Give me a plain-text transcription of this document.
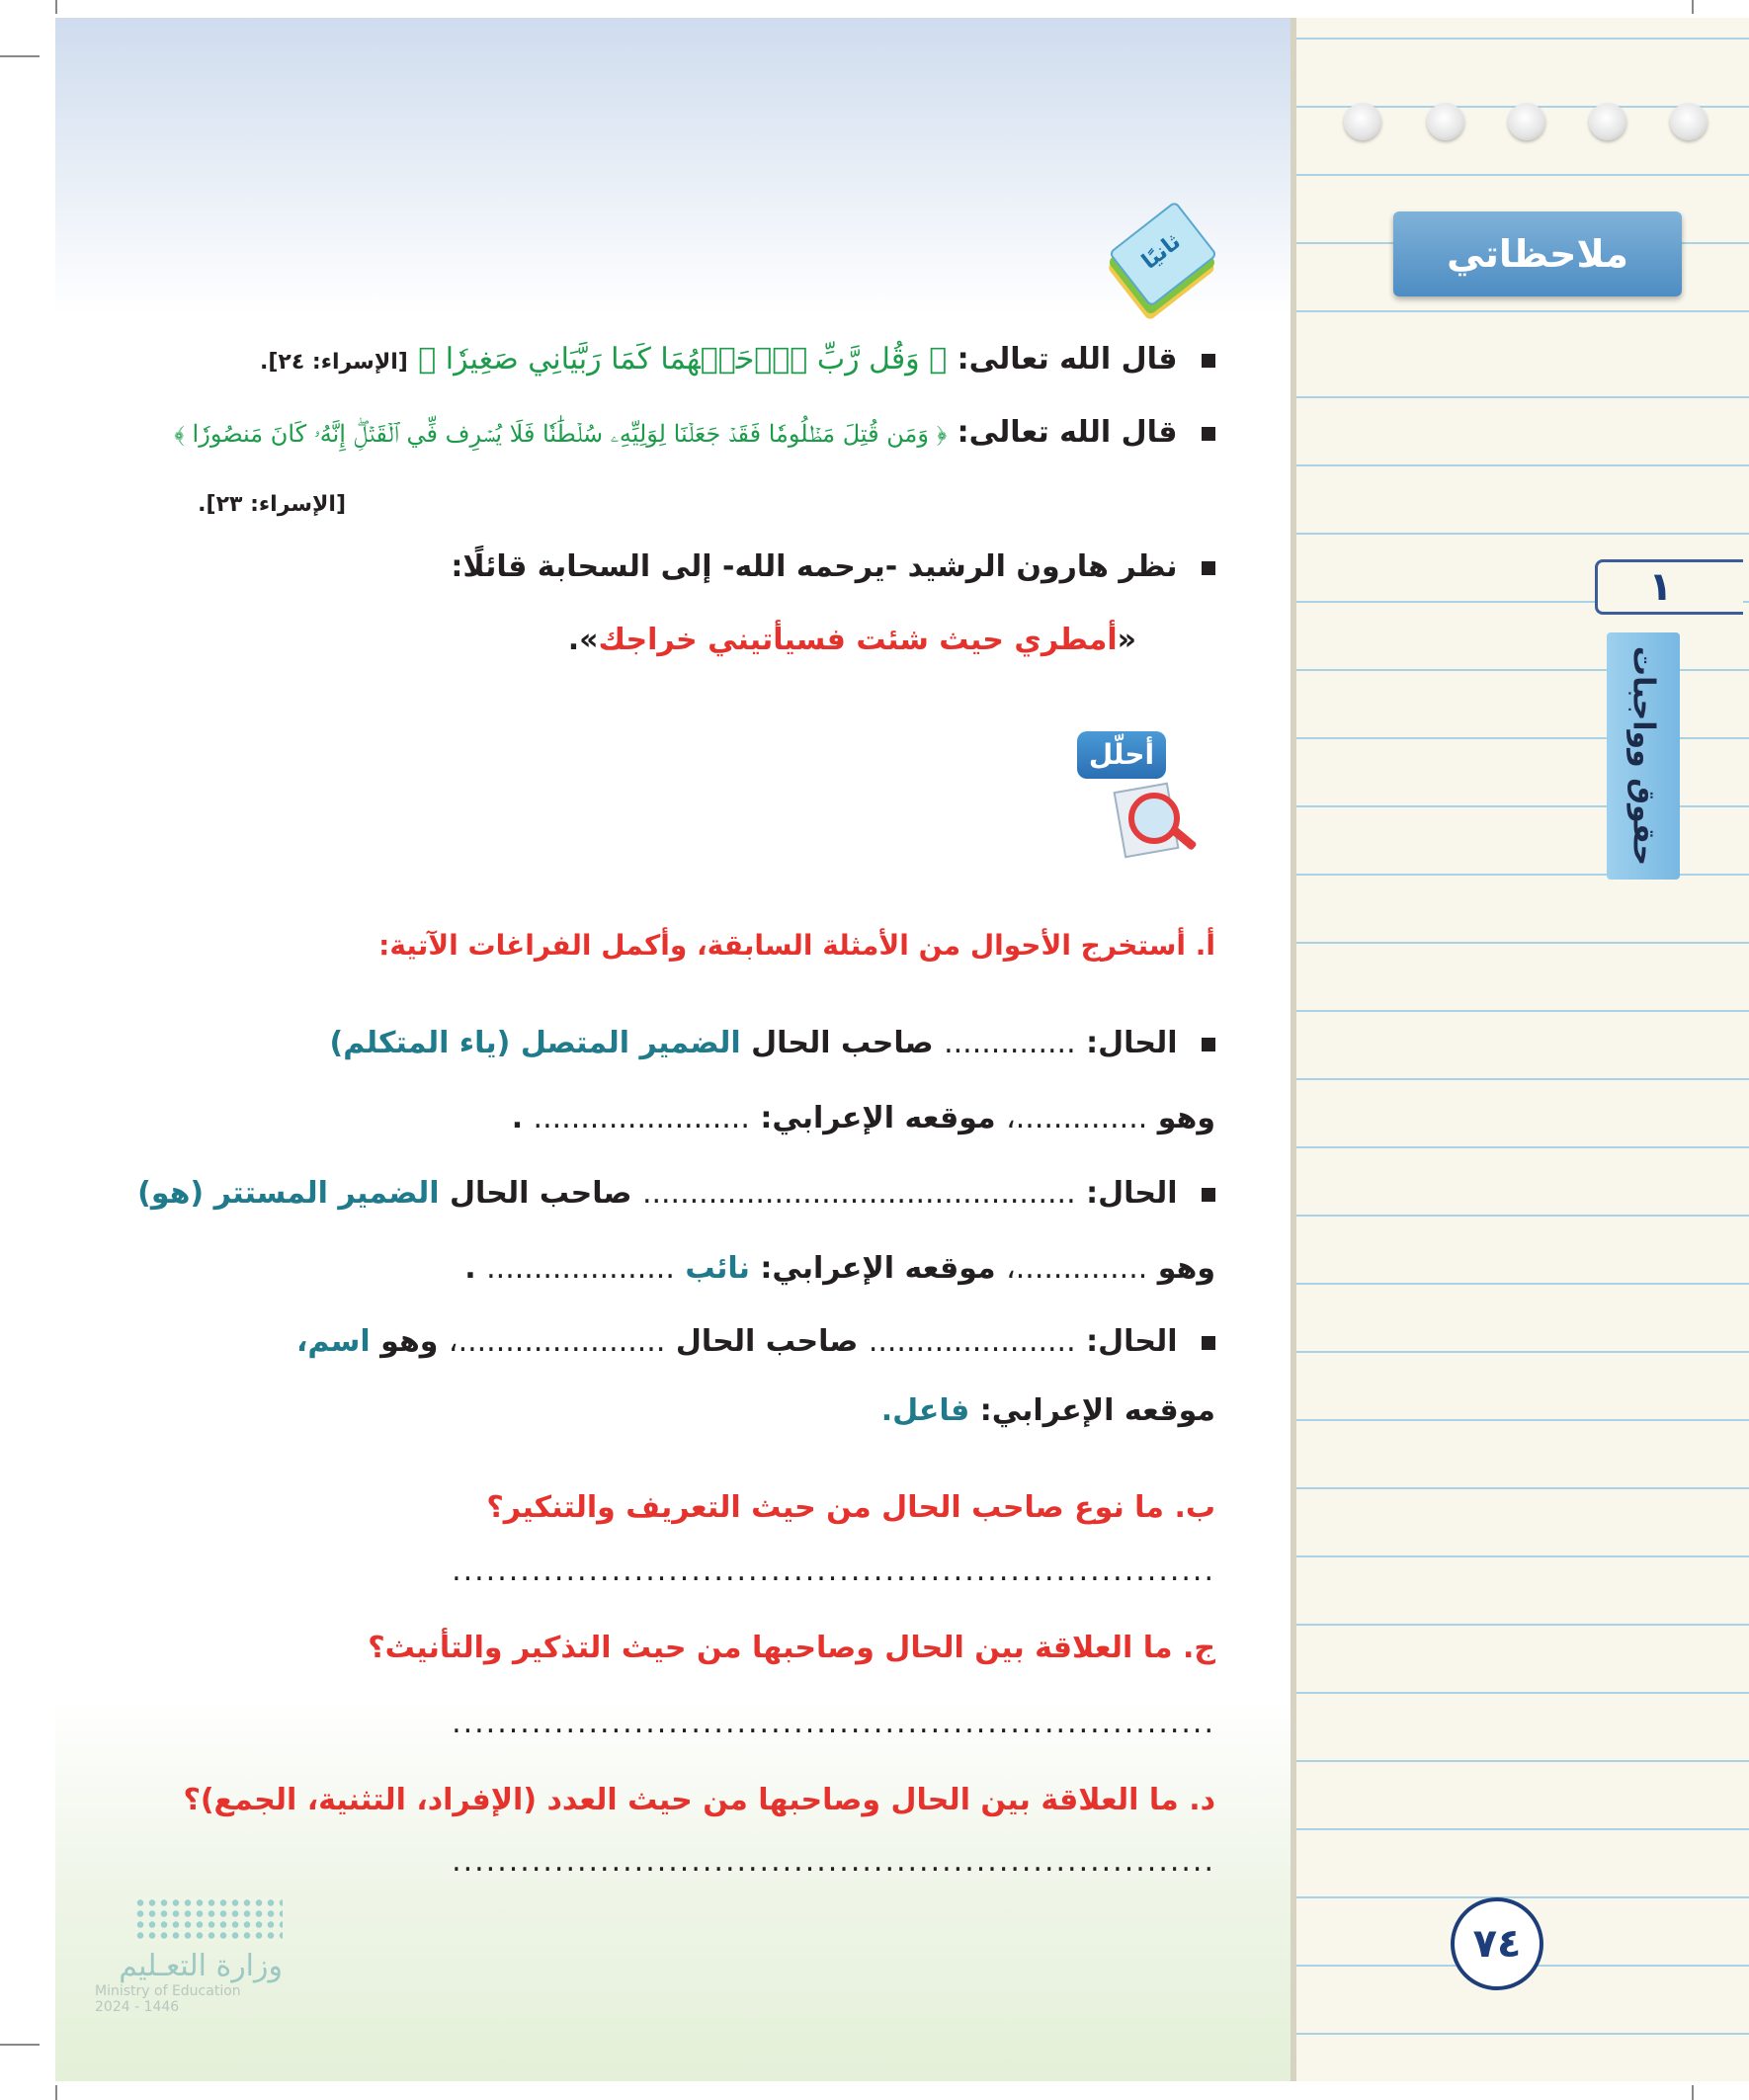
ملاحظاتي
١
حقوق وواجبات
٧٤
ثانيًا
قال الله تعالى: ﴿ وَقُل رَّبِّ ٱرۡحَمۡهُمَا كَمَا رَبَّيَانِي صَغِيرٗا ﴾ [الإسراء: ٢٤].
قال الله تعالى: ﴿ وَمَن قُتِلَ مَظۡلُومٗا فَقَدۡ جَعَلۡنَا لِوَلِيِّهِۦ سُلۡطَٰنٗا فَلَا يُسۡرِف فِّي ٱلۡقَتۡلِۖ إِنَّهُۥ كَانَ مَنصُورٗا ﴾
[الإسراء: ٢٣].
نظر هارون الرشيد -يرحمه الله- إلى السحابة قائلًا:
«أمطري حيث شئت فسيأتيني خراجك».
أحلّل
أ. أستخرج الأحوال من الأمثلة السابقة، وأكمل الفراغات الآتية:
الحال: .............. صاحب الحال الضمير المتصل (ياء المتكلم)
وهو ..............، موقعه الإعرابي: ....................... .
الحال: .............................................. صاحب الحال الضمير المستتر (هو)
وهو ..............، موقعه الإعرابي: نائب .................... .
الحال: ...................... صاحب الحال ......................، وهو اسم،
موقعه الإعرابي: فاعل.
ب. ما نوع صاحب الحال من حيث التعريف والتنكير؟
...................................................................
ج. ما العلاقة بين الحال وصاحبها من حيث التذكير والتأنيث؟
...................................................................
د. ما العلاقة بين الحال وصاحبها من حيث العدد (الإفراد، التثنية، الجمع)؟
...................................................................
وزارة التعـليم
Ministry of Education
2024 - 1446
